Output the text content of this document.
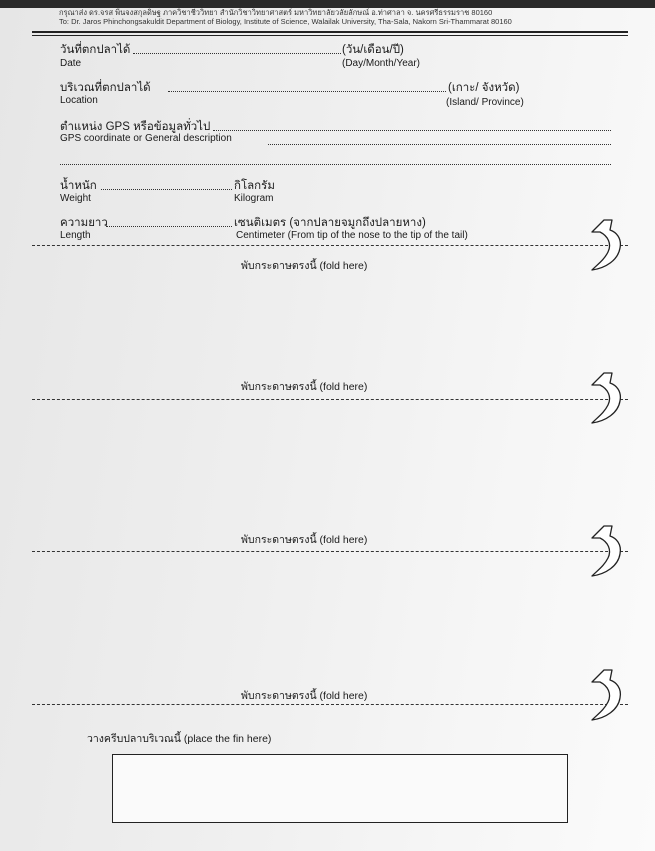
กรุณาส่ง ดร.จรส พิ่นจงสกุลดิษฐ ภาควิชาชีววิทยา สำนักวิชาวิทยาศาสตร์ มหาวิทยาลัยวลัยลักษณ์ อ.ท่าศาลา จ. นครศรีธรรมราช 80160
To: Dr. Jaros Phinchongsakuldit Department of Biology, Institute of Science, Walailak University, Tha-Sala, Nakorn Sri-Thammarat 80160
วันที่ตกปลาได้	(วัน/เดือน/ปี)
Date	(Day/Month/Year)
บริเวณที่ตกปลาได้	(เกาะ/ จังหวัด)
Location	(Island/ Province)
ตำแหน่ง GPS หรือข้อมูลทั่วไป
GPS coordinate or General description
น้ำหนัก	กิโลกรัม
Weight	Kilogram
ความยาว	เซนติเมตร (จากปลายจมูกถึงปลายหาง)
Length	Centimeter (From tip of the nose to the tip of the tail)
พับกระดาษตรงนี้ (fold here)
พับกระดาษตรงนี้ (fold here)
พับกระดาษตรงนี้ (fold here)
พับกระดาษตรงนี้ (fold here)
วางครีบปลาบริเวณนี้ (place the fin here)
